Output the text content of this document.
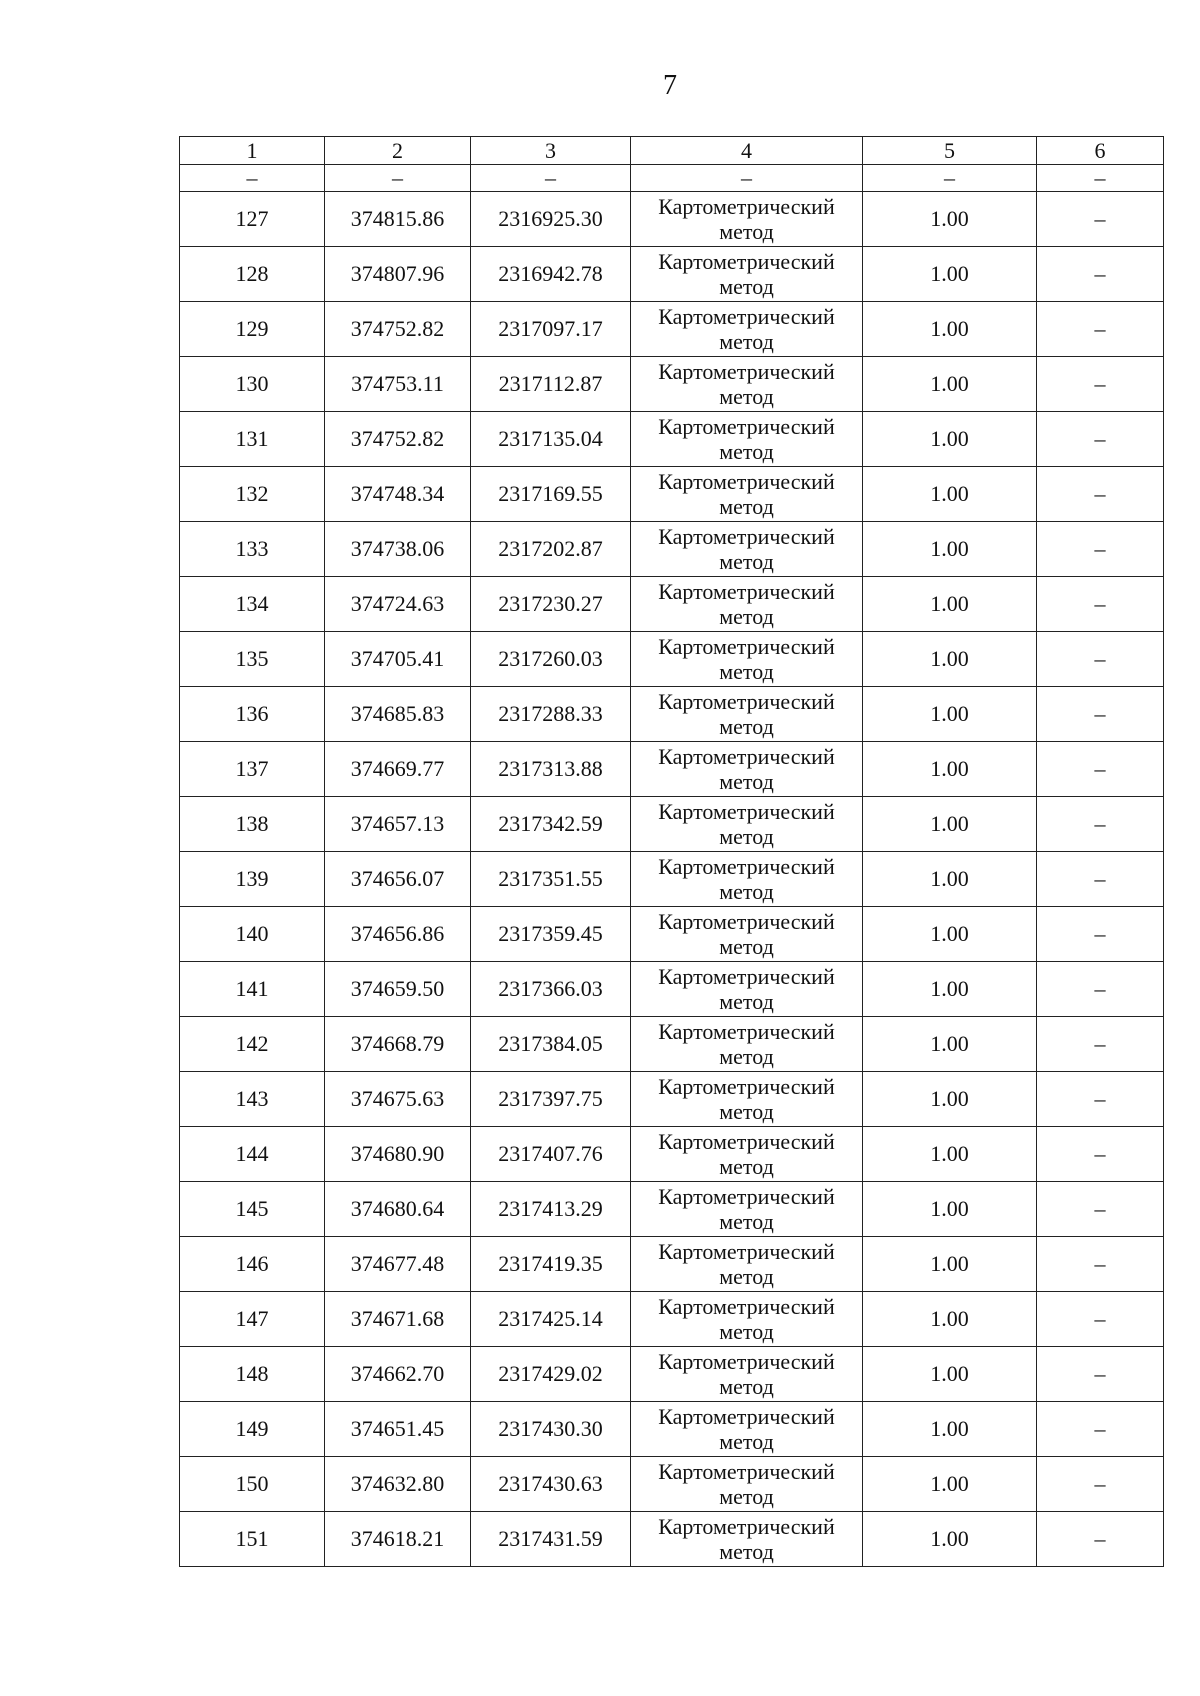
7
1	2	3	4	5	6
–	–	–	–	–	–
127	374815.86	2316925.30	Картометрический метод	1.00	–
128	374807.96	2316942.78	Картометрический метод	1.00	–
129	374752.82	2317097.17	Картометрический метод	1.00	–
130	374753.11	2317112.87	Картометрический метод	1.00	–
131	374752.82	2317135.04	Картометрический метод	1.00	–
132	374748.34	2317169.55	Картометрический метод	1.00	–
133	374738.06	2317202.87	Картометрический метод	1.00	–
134	374724.63	2317230.27	Картометрический метод	1.00	–
135	374705.41	2317260.03	Картометрический метод	1.00	–
136	374685.83	2317288.33	Картометрический метод	1.00	–
137	374669.77	2317313.88	Картометрический метод	1.00	–
138	374657.13	2317342.59	Картометрический метод	1.00	–
139	374656.07	2317351.55	Картометрический метод	1.00	–
140	374656.86	2317359.45	Картометрический метод	1.00	–
141	374659.50	2317366.03	Картометрический метод	1.00	–
142	374668.79	2317384.05	Картометрический метод	1.00	–
143	374675.63	2317397.75	Картометрический метод	1.00	–
144	374680.90	2317407.76	Картометрический метод	1.00	–
145	374680.64	2317413.29	Картометрический метод	1.00	–
146	374677.48	2317419.35	Картометрический метод	1.00	–
147	374671.68	2317425.14	Картометрический метод	1.00	–
148	374662.70	2317429.02	Картометрический метод	1.00	–
149	374651.45	2317430.30	Картометрический метод	1.00	–
150	374632.80	2317430.63	Картометрический метод	1.00	–
151	374618.21	2317431.59	Картометрический метод	1.00	–
